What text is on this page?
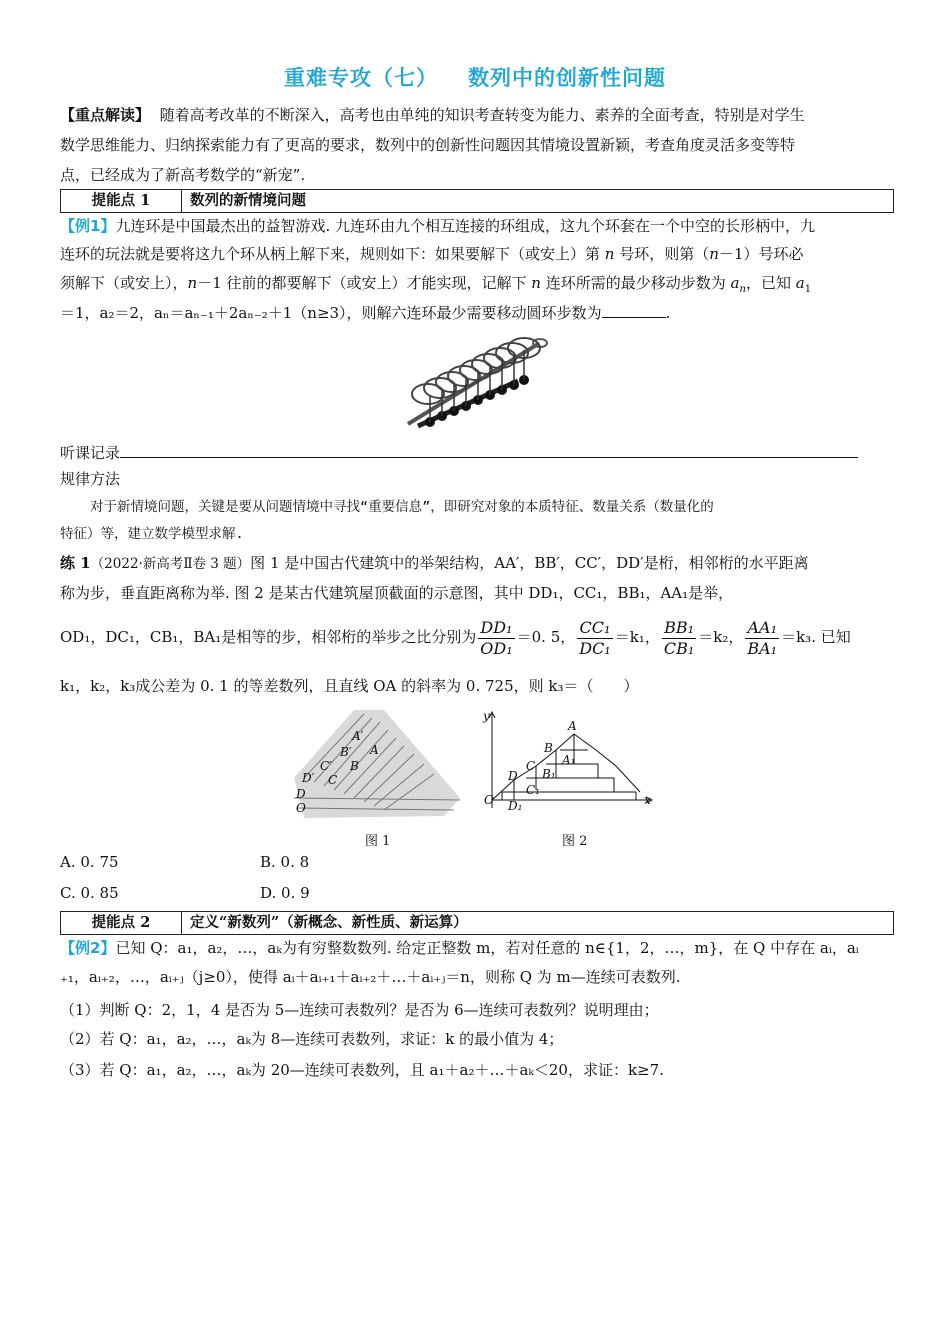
重难专攻（七） 数列中的创新性问题
【重点解读】 随着高考改革的不断深入，高考也由单纯的知识考查转变为能力、素养的全面考查，特别是对学生
数学思维能力、归纳探索能力有了更高的要求，数列中的创新性问题因其情境设置新颖，考查角度灵活多变等特
点，已经成为了新高考数学的“新宠”.
提能点 1	数列的新情境问题
【例1】九连环是中国最杰出的益智游戏. 九连环由九个相互连接的环组成，这九个环套在一个中空的长形柄中，九
连环的玩法就是要将这九个环从柄上解下来，规则如下：如果要解下（或安上）第 n 号环，则第（n－1）号环必
须解下（或安上），n－1 往前的都要解下（或安上）才能实现，记解下 n 连环所需的最少移动步数为 $a_n$，已知 $a_1$
＝1，a₂＝2，aₙ＝aₙ₋₁＋2aₙ₋₂＋1（n≥3），则解六连环最少需要移动圆环步数为	.
听课记录
规律方法
对于新情境问题，关键是要从问题情境中寻找“重要信息”，即研究对象的本质特征、数量关系（数量化的
特征）等，建立数学模型求解.
练 1（2022·新高考Ⅱ卷 3 题）图 1 是中国古代建筑中的举架结构，AA′，BB′，CC′，DD′是桁，相邻桁的水平距离
称为步，垂直距离称为举. 图 2 是某古代建筑屋顶截面的示意图，其中 DD₁，CC₁，BB₁，AA₁是举，
OD₁，DC₁，CB₁，BA₁是相等的步，相邻桁的举步之比分别为 $\frac{\text{DD₁}}{\text{OD₁}} =0$. 5， $\frac{\text{CC₁}}{\text{DC₁}} =k_1$， $\frac{\text{BB₁}}{\text{CB₁}} =k_2$， $\frac{\text{AA₁}}{\text{BA₁}} =k_3$. 已知
k₁，k₂，k₃成公差为 0. 1 的等差数列，且直线 OA 的斜率为 0. 725，则 k₃＝（　　）
A′
B′ A
C′ B
D′ C
D
O
图 1
y
A
B
A₁
C
B₁
D
C₁
O D₁	x
图 2
A. 0. 75	B. 0. 8
C. 0. 85	D. 0. 9
提能点 2	定义“新数列”（新概念、新性质、新运算）
【例2】已知 Q：a₁，a₂，…，aₖ为有穷整数数列. 给定正整数 m，若对任意的 n∈{1，2，…，m}，在 Q 中存在 aᵢ，aᵢ
₊₁，aᵢ₊₂，…，aᵢ₊ⱼ（j≥0），使得 aᵢ＋aᵢ₊₁＋aᵢ₊₂＋…＋aᵢ₊ⱼ＝n，则称 Q 为 m—连续可表数列.
（1）判断 Q：2，1，4 是否为 5—连续可表数列？是否为 6—连续可表数列？说明理由；
（2）若 Q：a₁，a₂，…，aₖ为 8—连续可表数列，求证：k 的最小值为 4；
（3）若 Q：a₁，a₂，…，aₖ为 20—连续可表数列，且 a₁＋a₂＋…＋aₖ＜20，求证：k≥7.
